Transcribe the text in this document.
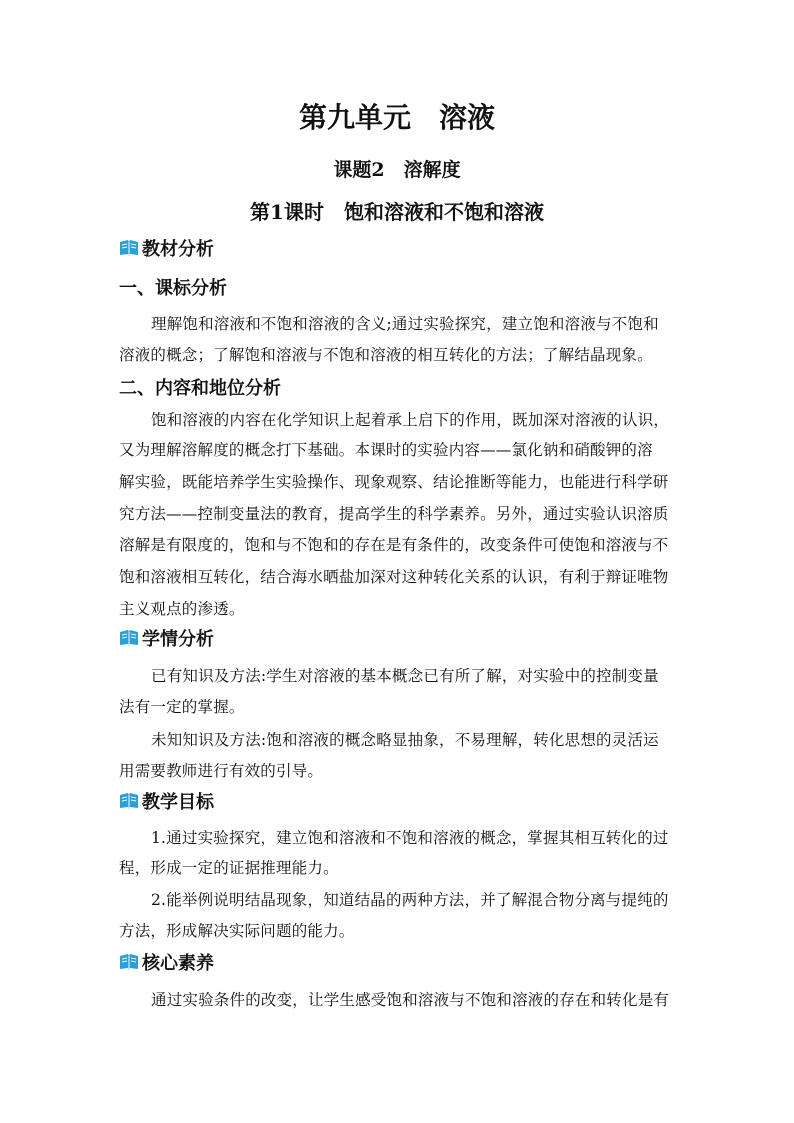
第九单元　溶液
课题2　溶解度
第1课时　饱和溶液和不饱和溶液
教材分析
一、课标分析
理解饱和溶液和不饱和溶液的含义;通过实验探究，建立饱和溶液与不饱和
溶液的概念；了解饱和溶液与不饱和溶液的相互转化的方法；了解结晶现象。
二、内容和地位分析
饱和溶液的内容在化学知识上起着承上启下的作用，既加深对溶液的认识，
又为理解溶解度的概念打下基础。本课时的实验内容——氯化钠和硝酸钾的溶
解实验，既能培养学生实验操作、现象观察、结论推断等能力，也能进行科学研
究方法——控制变量法的教育，提高学生的科学素养。另外，通过实验认识溶质
溶解是有限度的，饱和与不饱和的存在是有条件的，改变条件可使饱和溶液与不
饱和溶液相互转化，结合海水晒盐加深对这种转化关系的认识，有利于辩证唯物
主义观点的渗透。
学情分析
已有知识及方法:学生对溶液的基本概念已有所了解，对实验中的控制变量
法有一定的掌握。
未知知识及方法:饱和溶液的概念略显抽象，不易理解，转化思想的灵活运
用需要教师进行有效的引导。
教学目标
1.通过实验探究，建立饱和溶液和不饱和溶液的概念，掌握其相互转化的过
程，形成一定的证据推理能力。
2.能举例说明结晶现象，知道结晶的两种方法，并了解混合物分离与提纯的
方法，形成解决实际问题的能力。
核心素养
通过实验条件的改变，让学生感受饱和溶液与不饱和溶液的存在和转化是有
